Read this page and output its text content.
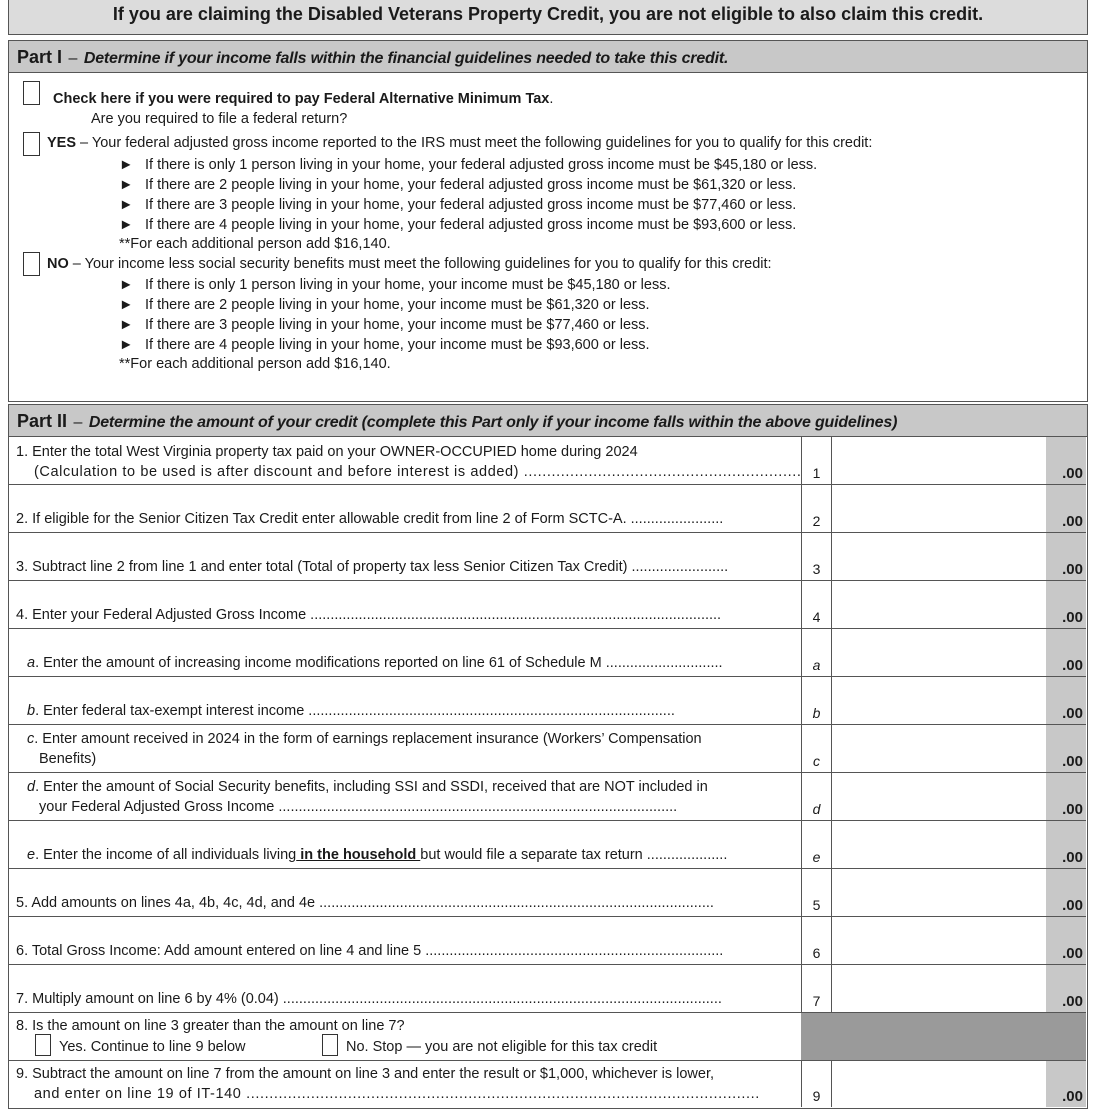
If you are claiming the Disabled Veterans Property Credit, you are not eligible to also claim this credit.
Part I – Determine if your income falls within the financial guidelines needed to take this credit.
Check here if you were required to pay Federal Alternative Minimum Tax.
Are you required to file a federal return?
YES – Your federal adjusted gross income reported to the IRS must meet the following guidelines for you to qualify for this credit:
► If there is only 1 person living in your home, your federal adjusted gross income must be $45,180 or less.
► If there are 2 people living in your home, your federal adjusted gross income must be $61,320 or less.
► If there are 3 people living in your home, your federal adjusted gross income must be $77,460 or less.
► If there are 4 people living in your home, your federal adjusted gross income must be $93,600 or less.
**For each additional person add $16,140.
NO – Your income less social security benefits must meet the following guidelines for you to qualify for this credit:
► If there is only 1 person living in your home, your income must be $45,180 or less.
► If there are 2 people living in your home, your income must be $61,320 or less.
► If there are 3 people living in your home, your income must be $77,460 or less.
► If there are 4 people living in your home, your income must be $93,600 or less.
**For each additional person add $16,140.
Part II – Determine the amount of your credit (complete this Part only if your income falls within the above guidelines)
1. Enter the total West Virginia property tax paid on your OWNER-OCCUPIED home during 2024
(Calculation to be used is after discount and before interest is added) ............................................................ 1	.00
2. If eligible for the Senior Citizen Tax Credit enter allowable credit from line 2 of Form SCTC-A. .......................	2	.00
3. Subtract line 2 from line 1 and enter total (Total of property tax less Senior Citizen Tax Credit) ........................	3	.00
4. Enter your Federal Adjusted Gross Income ......................................................................................................	4	.00
a. Enter the amount of increasing income modifications reported on line 61 of Schedule M .............................	a	.00
b. Enter federal tax-exempt interest income ...........................................................................................	b	.00
c. Enter amount received in 2024 in the form of earnings replacement insurance (Workers’ Compensation
Benefits)	c	.00
d. Enter the amount of Social Security benefits, including SSI and SSDI, received that are NOT included in
your Federal Adjusted Gross Income ...................................................................................................	d	.00
e. Enter the income of all individuals living in the household but would file a separate tax return ....................	e	.00
5. Add amounts on lines 4a, 4b, 4c, 4d, and 4e ..................................................................................................	5	.00
6. Total Gross Income: Add amount entered on line 4 and line 5 ..........................................................................	6	.00
7. Multiply amount on line 6 by 4% (0.04) .............................................................................................................	7	.00
8. Is the amount on line 3 greater than the amount on line 7?
Yes. Continue to line 9 below	No. Stop — you are not eligible for this tax credit
9. Subtract the amount on line 7 from the amount on line 3 and enter the result or $1,000, whichever is lower,
and enter on line 19 of IT-140 ...............................................................................................................	9	.00
